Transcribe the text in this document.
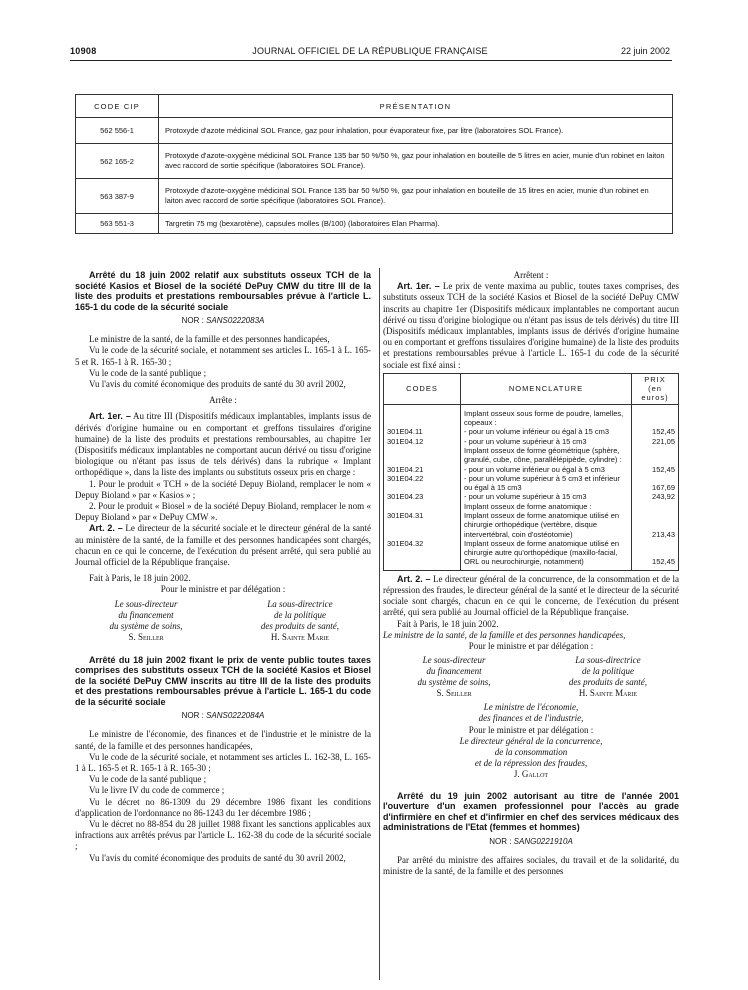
10908	JOURNAL OFFICIEL DE LA RÉPUBLIQUE FRANÇAISE	22 juin 2002
CODE CIP	PRÉSENTATION
562 556-1	Protoxyde d'azote médicinal SOL France, gaz pour inhalation, pour évaporateur fixe, par litre (laboratoires SOL France).
562 165-2	Protoxyde d'azote-oxygène médicinal SOL France 135 bar 50 %/50 %, gaz pour inhalation en bouteille de 5 litres en acier, munie d'un robinet en laiton avec raccord de sortie spécifique (laboratoires SOL France).
563 387-9	Protoxyde d'azote-oxygène médicinal SOL France 135 bar 50 %/50 %, gaz pour inhalation en bouteille de 15 litres en acier, munie d'un robinet en laiton avec raccord de sortie spécifique (laboratoires SOL France).
563 551-3	Targretin 75 mg (bexarotène), capsules molles (B/100) (laboratoires Elan Pharma).

Arrêté du 18 juin 2002 relatif aux substituts osseux TCH de la société Kasios et Biosel de la société DePuy CMW du titre III de la liste des produits et prestations remboursables prévue à l'article L. 165-1 du code de la sécurité sociale

NOR : SANS0222083A

Le ministre de la santé, de la famille et des personnes handicapées,

Vu le code de la sécurité sociale, et notamment ses articles L. 165-1 à L. 165-5 et R. 165-1 à R. 165-30 ;

Vu le code de la santé publique ;

Vu l'avis du comité économique des produits de santé du 30 avril 2002,

Arrête :

Art. 1er. – Au titre III (Dispositifs médicaux implantables, implants issus de dérivés d'origine humaine ou en comportant et greffons tissulaires d'origine humaine) de la liste des produits et prestations remboursables, au chapitre 1er (Dispositifs médicaux implantables ne comportant aucun dérivé ou tissu d'origine biologique ou n'étant pas issus de tels dérivés) dans la rubrique « Implant orthopédique », dans la liste des implants ou substituts osseux pris en charge :

1. Pour le produit « TCH » de la société Depuy Bioland, remplacer le nom « Depuy Bioland » par « Kasios » ;

2. Pour le produit « Biosel » de la société Depuy Bioland, remplacer le nom « Depuy Bioland » par « DePuy CMW ».

Art. 2. – Le directeur de la sécurité sociale et le directeur général de la santé au ministère de la santé, de la famille et des personnes handicapées sont chargés, chacun en ce qui le concerne, de l'exécution du présent arrêté, qui sera publié au Journal officiel de la République française.

Fait à Paris, le 18 juin 2002.

Pour le ministre et par délégation :

Le sous-directeur
du financement
du système de soins,
S. Seiller
La sous-directrice
de la politique
des produits de santé,
H. Sainte Marie

Arrêté du 18 juin 2002 fixant le prix de vente public toutes taxes comprises des substituts osseux TCH de la société Kasios et Biosel de la société DePuy CMW inscrits au titre III de la liste des produits et des prestations remboursables prévue à l'article L. 165-1 du code de la sécurité sociale

NOR : SANS0222084A

Le ministre de l'économie, des finances et de l'industrie et le ministre de la santé, de la famille et des personnes handicapées,

Vu le code de la sécurité sociale, et notamment ses articles L. 162-38, L. 165-1 à L. 165-5 et R. 165-1 à R. 165-30 ;

Vu le code de la santé publique ;

Vu le livre IV du code de commerce ;

Vu le décret no 86-1309 du 29 décembre 1986 fixant les conditions d'application de l'ordonnance no 86-1243 du 1er décembre 1986 ;

Vu le décret no 88-854 du 28 juillet 1988 fixant les sanctions applicables aux infractions aux arrêtés prévus par l'article L. 162-38 du code de la sécurité sociale ;

Vu l'avis du comité économique des produits de santé du 30 avril 2002,

Arrêtent :

Art. 1er. – Le prix de vente maxima au public, toutes taxes comprises, des substituts osseux TCH de la société Kasios et Biosel de la société DePuy CMW inscrits au chapitre 1er (Dispositifs médicaux implantables ne comportant aucun dérivé ou tissu d'origine biologique ou n'étant pas issus de tels dérivés) du titre III (Dispositifs médicaux implantables, implants issus de dérivés d'origine humaine ou en comportant et greffons tissulaires d'origine humaine) de la liste des produits et prestations remboursables prévue à l'article L. 165-1 du code de la sécurité sociale est fixé ainsi :

CODES	NOMENCLATURE	PRIX
(en euros)
	Implant osseux sous forme de poudre, lamelles, copeaux :	
301E04.11	- pour un volume inférieur ou égal à 15 cm3	152,45
301E04.12	- pour un volume supérieur à 15 cm3	221,05
	Implant osseux de forme géométrique (sphère, granulé, cube, cône, parallélépipède, cylindre) :	
301E04.21	- pour un volume inférieur ou égal à 5 cm3	152,45
301E04.22	- pour un volume supérieur à 5 cm3 et inférieur ou égal à 15 cm3	167,69
301E04.23	- pour un volume supérieur à 15 cm3	243,92
	Implant osseux de forme anatomique :	
301E04.31	Implant osseux de forme anatomique utilisé en chirurgie orthopédique (vertèbre, disque intervertébral, coin d'ostéotomie)	213,43
301E04.32	Implant osseux de forme anatomique utilisé en chirurgie autre qu'orthopédique (maxillo-facial, ORL ou neurochirurgie, notamment)	152,45

Art. 2. – Le directeur général de la concurrence, de la consommation et de la répression des fraudes, le directeur général de la santé et le directeur de la sécurité sociale sont chargés, chacun en ce qui le concerne, de l'exécution du présent arrêté, qui sera publié au Journal officiel de la République française.

Fait à Paris, le 18 juin 2002.

Le ministre de la santé, de la famille et des personnes handicapées,

Pour le ministre et par délégation :

Le sous-directeur
du financement
du système de soins,
S. Seiller
La sous-directrice
de la politique
des produits de santé,
H. Sainte Marie
Le ministre de l'économie,
des finances et de l'industrie,
Pour le ministre et par délégation :
Le directeur général de la concurrence,
de la consommation
et de la répression des fraudes,
J. Gallot

Arrêté du 19 juin 2002 autorisant au titre de l'année 2001 l'ouverture d'un examen professionnel pour l'accès au grade d'infirmière en chef et d'infirmier en chef des services médicaux des administrations de l'Etat (femmes et hommes)

NOR : SANG0221910A

Par arrêté du ministre des affaires sociales, du travail et de la solidarité, du ministre de la santé, de la famille et des personnes
